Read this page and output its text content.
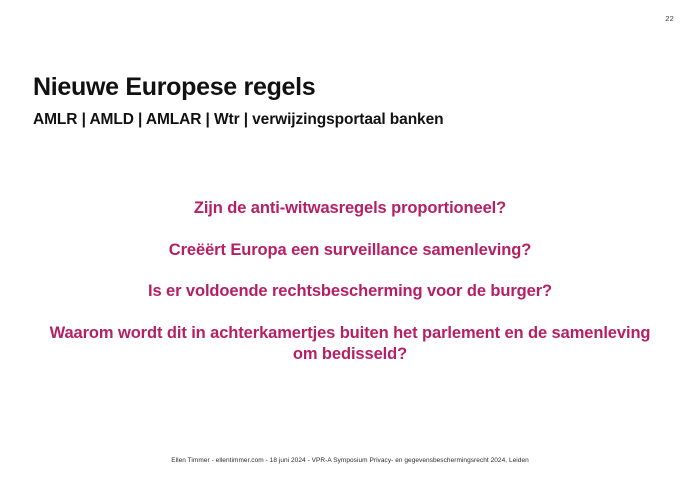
22
Nieuwe Europese regels
AMLR | AMLD | AMLAR | Wtr | verwijzingsportaal banken

Zijn de anti-witwasregels proportioneel?

Creëërt Europa een surveillance samenleving?

Is er voldoende rechtsbescherming voor de burger?

Waarom wordt dit in achterkamertjes buiten het parlement en de samenleving om bedisseld?

Ellen Timmer - ellentimmer.com - 18 juni 2024 - VPR-A Symposium Privacy- en gegevensbeschermingsrecht 2024, Leiden
